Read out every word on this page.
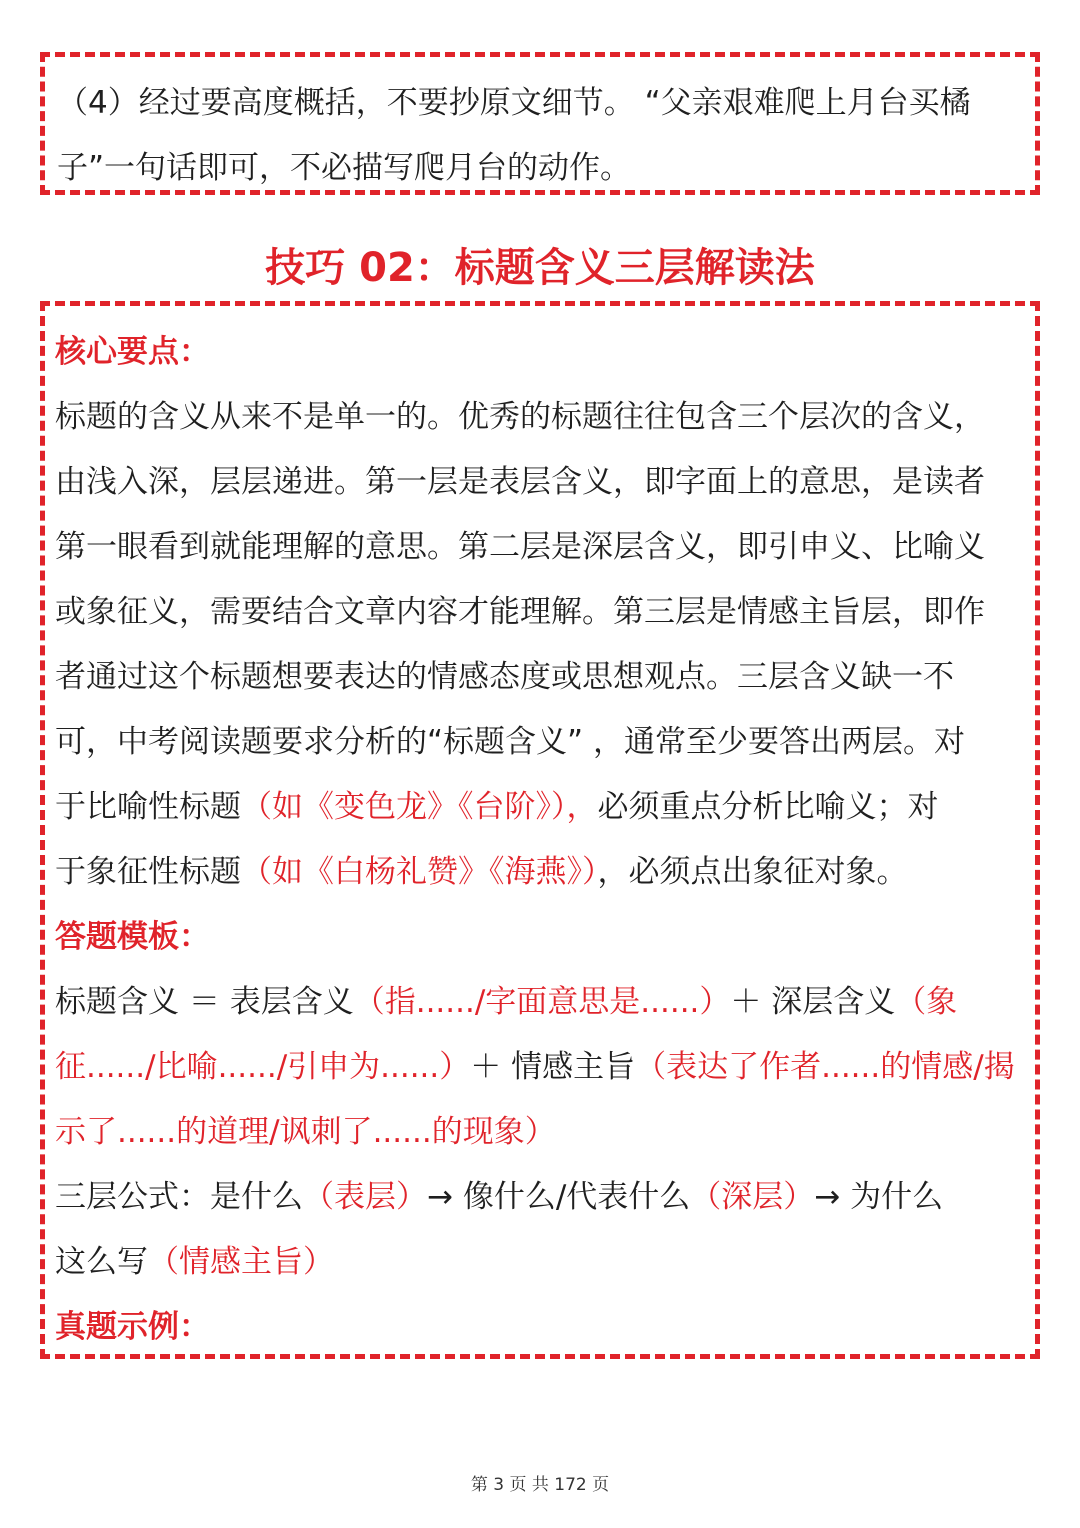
（4）经过要高度概括，不要抄原文细节。 “父亲艰难爬上月台买橘
子”一句话即可，不必描写爬月台的动作。
技巧 02：标题含义三层解读法
核心要点：
标题的含义从来不是单一的。优秀的标题往往包含三个层次的含义，
由浅入深，层层递进。第一层是表层含义，即字面上的意思，是读者
第一眼看到就能理解的意思。第二层是深层含义，即引申义、比喻义
或象征义，需要结合文章内容才能理解。第三层是情感主旨层，即作
者通过这个标题想要表达的情感态度或思想观点。三层含义缺一不
可，中考阅读题要求分析的“标题含义” ，通常至少要答出两层。对
于比喻性标题（如《变色龙》《台阶》），必须重点分析比喻义；对
于象征性标题（如《白杨礼赞》《海燕》），必须点出象征对象。
答题模板：
标题含义 ＝ 表层含义（指....../字面意思是......）＋ 深层含义（象
征....../比喻....../引申为......）＋ 情感主旨（表达了作者......的情感/揭
示了......的道理/讽刺了......的现象）
三层公式：是什么（表层）→ 像什么/代表什么（深层）→ 为什么
这么写（情感主旨）
真题示例：
第 3 页 共 172 页
